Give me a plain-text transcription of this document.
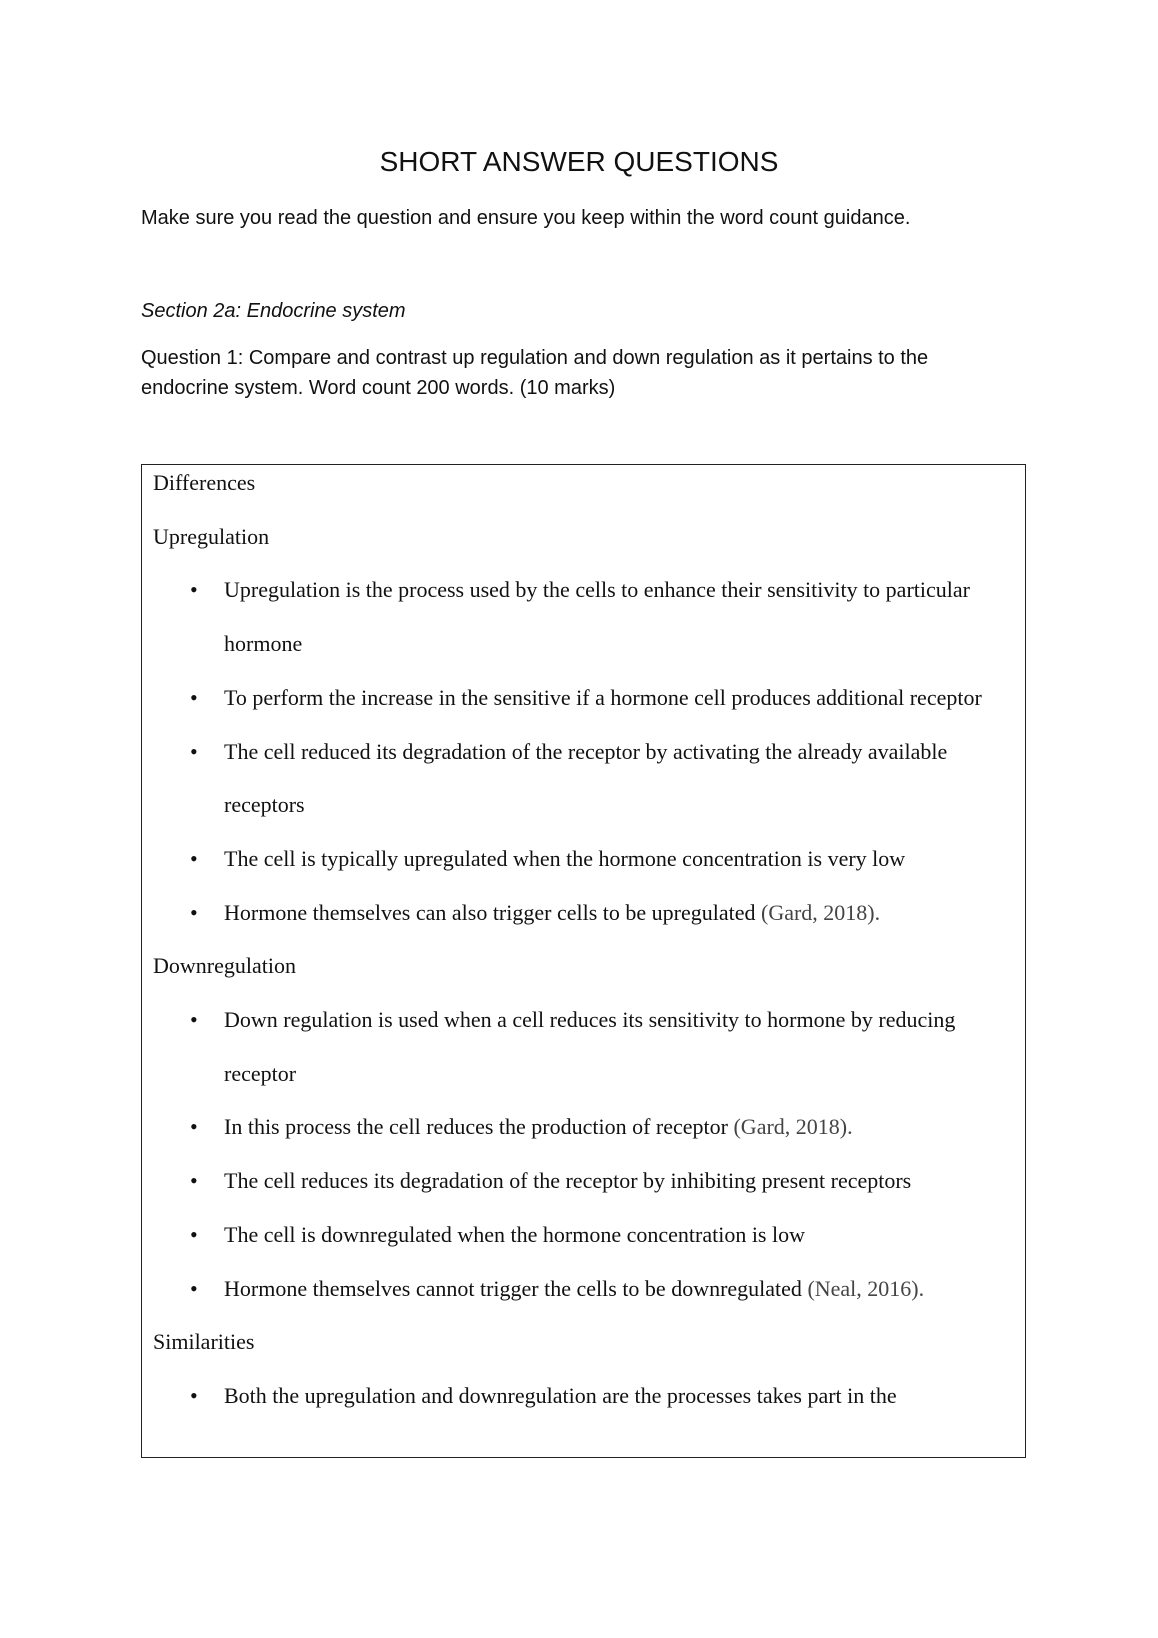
SHORT ANSWER QUESTIONS
Make sure you read the question and ensure you keep within the word count guidance.
Section 2a: Endocrine system
Question 1: Compare and contrast up regulation and down regulation as it pertains to the
endocrine system. Word count 200 words. (10 marks)
Differences
Upregulation
• Upregulation is the process used by the cells to enhance their sensitivity to particular hormone
• To perform the increase in the sensitive if a hormone cell produces additional receptor
• The cell reduced its degradation of the receptor by activating the already available receptors
• The cell is typically upregulated when the hormone concentration is very low
• Hormone themselves can also trigger cells to be upregulated (Gard, 2018).
Downregulation
• Down regulation is used when a cell reduces its sensitivity to hormone by reducing receptor
• In this process the cell reduces the production of receptor (Gard, 2018).
• The cell reduces its degradation of the receptor by inhibiting present receptors
• The cell is downregulated when the hormone concentration is low
• Hormone themselves cannot trigger the cells to be downregulated (Neal, 2016).
Similarities
• Both the upregulation and downregulation are the processes takes part in the
